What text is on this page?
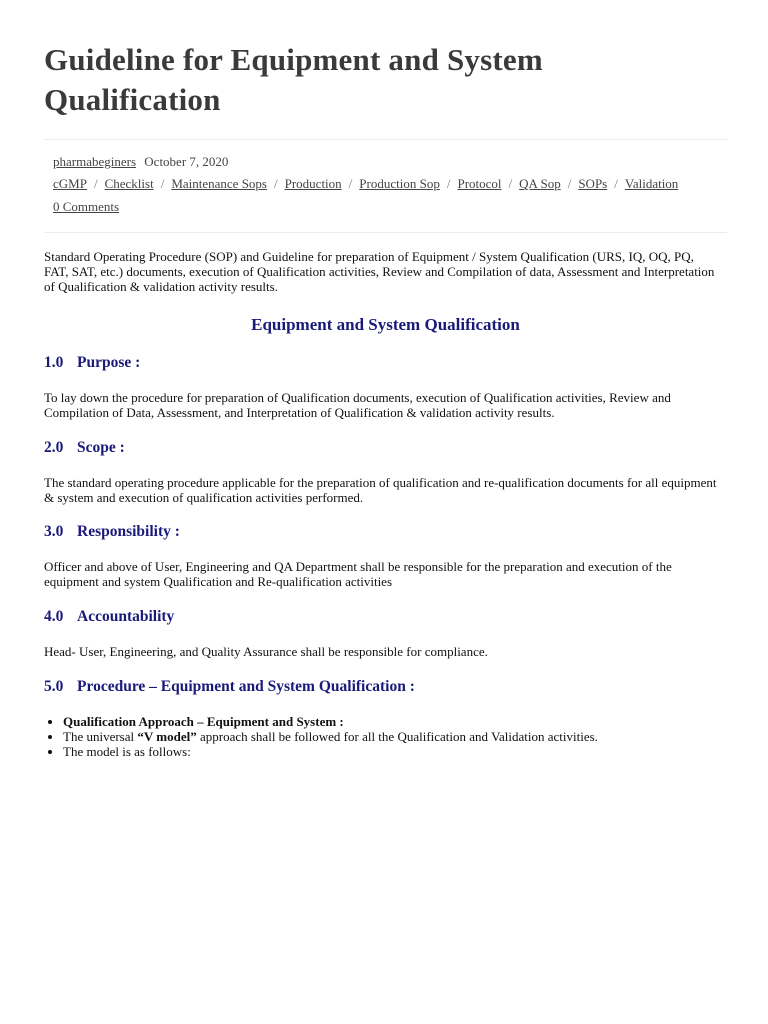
Guideline for Equipment and System Qualification
pharmabeginers October 7, 2020
cGMP / Checklist / Maintenance Sops / Production / Production Sop / Protocol / QA Sop / SOPs / Validation
0 Comments

Standard Operating Procedure (SOP) and Guideline for preparation of Equipment / System Qualification (URS, IQ, OQ, PQ, FAT, SAT, etc.) documents, execution of Qualification activities, Review and Compilation of data, Assessment and Interpretation of Qualification & validation activity results.

Equipment and System Qualification
1.0 Purpose :

To lay down the procedure for preparation of Qualification documents, execution of Qualification activities, Review and Compilation of Data, Assessment, and Interpretation of Qualification & validation activity results.

2.0 Scope :

The standard operating procedure applicable for the preparation of qualification and re-qualification documents for all equipment & system and execution of qualification activities performed.

3.0 Responsibility :

Officer and above of User, Engineering and QA Department shall be responsible for the preparation and execution of the equipment and system Qualification and Re-qualification activities

4.0 Accountability

Head- User, Engineering, and Quality Assurance shall be responsible for compliance.

5.0 Procedure – Equipment and System Qualification :
• Qualification Approach – Equipment and System :
• The universal “V model” approach shall be followed for all the Qualification and Validation activities.
• The model is as follows:
